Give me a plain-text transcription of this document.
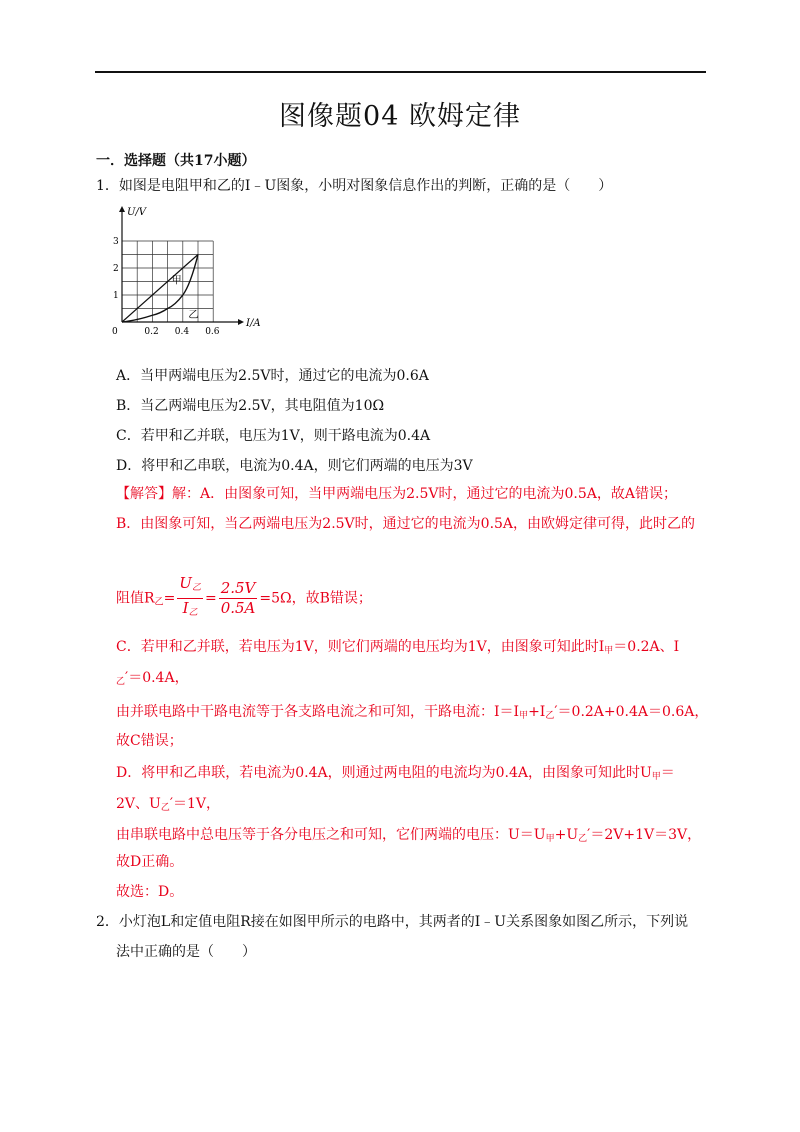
图像题04 欧姆定律
一．选择题（共17小题）
1．如图是电阻甲和乙的I﹣U图象，小明对图象信息作出的判断，正确的是（　　）
I/A
U/V
0	0.2 0.4 0.6
1
2
3
甲
乙
A．当甲两端电压为2.5V时，通过它的电流为0.6A
B．当乙两端电压为2.5V，其电阻值为10Ω
C．若甲和乙并联，电压为1V，则干路电流为0.4A
D．将甲和乙串联，电流为0.4A，则它们两端的电压为3V
【解答】解：A．由图象可知，当甲两端电压为2.5V时，通过它的电流为0.5A，故A错误；
B．由图象可知，当乙两端电压为2.5V时，通过它的电流为0.5A，由欧姆定律可得，此时乙的
阻值$R_乙= \frac{U_乙}{I_乙} = \frac{2.5V}{0.5A} =5\Omega$，故B错误；
C．若甲和乙并联，若电压为1V，则它们两端的电压均为1V，由图象可知此时$I_甲=0.2A$、I
$_乙$′＝0.4A，
由并联电路中干路电流等于各支路电流之和可知，干路电流：$I=I_甲+I_乙'=0.2A+0.4A=0.6A$，
故C错误；
D．将甲和乙串联，若电流为0.4A，则通过两电阻的电流均为0.4A，由图象可知此时$U_甲=$
2V、$U_乙'=1V$，
由串联电路中总电压等于各分电压之和可知，它们两端的电压：$U=U_甲+U_乙'=2V+1V=3V$，
故D正确。
故选：D。
2．小灯泡L和定值电阻R接在如图甲所示的电路中，其两者的I﹣U关系图象如图乙所示，下列说
法中正确的是（　　）
